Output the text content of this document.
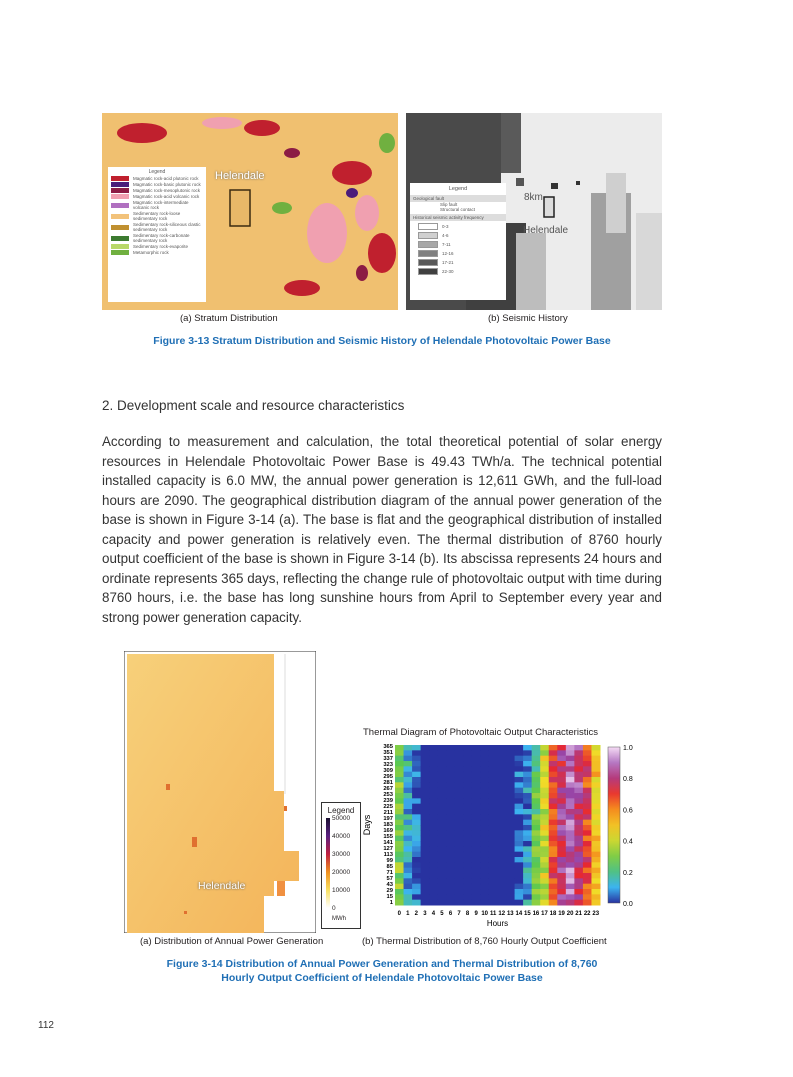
Legend
Magmatic rock-acid plutonic rock
Magmatic rock-basic plutonic rock
Magmatic rock-mesoplutonic rock
Magmatic rock-acid volcanic rock
Magmatic rock-intermediate volcanic rock
Sedimentary rock-loose sedimentary rock
Sedimentary rock-siliceous clastic sedimentary rock
Sedimentary rock-carbonate sedimentary rock
Sedimentary rock-evaporite
Metamorphic rock
Helendale
Legend
Geological fault
Slip fault
Structural contact
Historical seismic activity frequency
0-3
4-6
7-11
12-16
17-21
22-30
8km
Helendale
(a) Stratum Distribution	(b) Seismic History
Figure 3-13 Stratum Distribution and Seismic History of Helendale Photovoltaic Power Base
2. Development scale and resource characteristics
According to measurement and calculation, the total theoretical potential of solar energy resources in Helendale Photovoltaic Power Base is 49.43 TWh/a. The technical potential installed capacity is 6.0 MW, the annual power generation is 12,611 GWh, and the full-load hours are 2090. The geographical distribution diagram of the annual power generation of the base is shown in Figure 3-14 (a). The base is flat and the geographical distribution of installed capacity and power generation is relatively even. The thermal distribution of 8760 hourly output coefficient of the base is shown in Figure 3-14 (b). Its abscissa represents 24 hours and ordinate represents 365 days, reflecting the change rule of photovoltaic output with time during 8760 hours, i.e. the base has long sunshine hours from April to September every year and strong power generation capacity.
Helendale
Legend
50000
40000
30000
20000
10000
0
MWh
Thermal Diagram of Photovoltaic Output Characteristics
0 1 2 3 4 5 6 7 8 9 10 11 12 13 14 15 16 17 18 19 20 21 22 23
365
351
337
323
309
295
281
267
253
239
225
211
197
183
169
155
141
127
113
99
85
71
57
43
29
15
1
Hours
Days
1.0
0.8
0.6
0.4
0.2
0.0
(a) Distribution of Annual Power Generation	(b) Thermal Distribution of 8,760 Hourly Output Coefficient
Figure 3-14 Distribution of Annual Power Generation and Thermal Distribution of 8,760
Hourly Output Coefficient of Helendale Photovoltaic Power Base
112
